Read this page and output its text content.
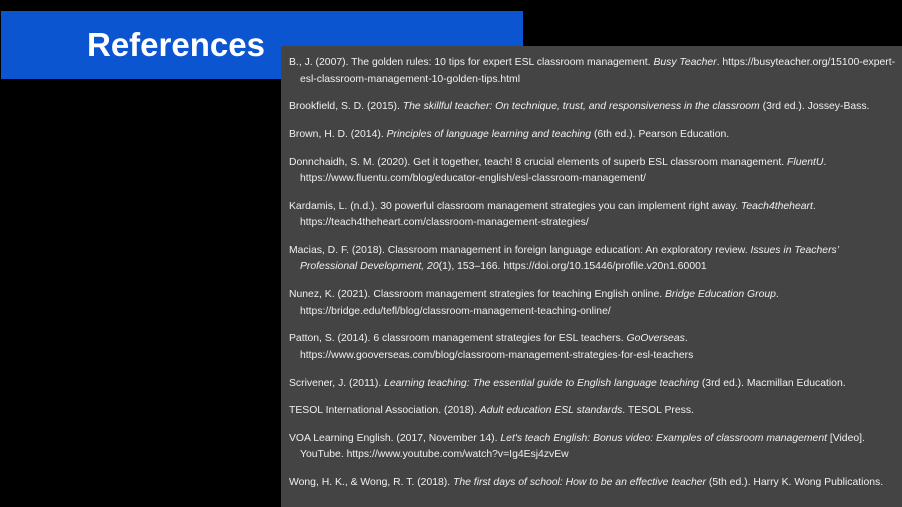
References B., J. (2007). The golden rules: 10 tips for expert ESL classroom management. Busy Teacher. https://busyteacher.org/15100-expert-esl-classroom-management-10-golden-tips.html
Brookfield, S. D. (2015). The skillful teacher: On technique, trust, and responsiveness in the classroom (3rd ed.). Jossey-Bass.
Brown, H. D. (2014). Principles of language learning and teaching (6th ed.). Pearson Education.
Donnchaidh, S. M. (2020). Get it together, teach! 8 crucial elements of superb ESL classroom management. FluentU. https://www.fluentu.com/blog/educator-english/esl-classroom-management/
Kardamis, L. (n.d.). 30 powerful classroom management strategies you can implement right away. Teach4theheart. https://teach4theheart.com/classroom-management-strategies/
Macias, D. F. (2018). Classroom management in foreign language education: An exploratory review. Issues in Teachers’ Professional Development, 20(1), 153–166. https://doi.org/10.15446/profile.v20n1.60001
Nunez, K. (2021). Classroom management strategies for teaching English online. Bridge Education Group. https://bridge.edu/tefl/blog/classroom-management-teaching-online/
Patton, S. (2014). 6 classroom management strategies for ESL teachers. GoOverseas. https://www.gooverseas.com/blog/classroom-management-strategies-for-esl-teachers
Scrivener, J. (2011). Learning teaching: The essential guide to English language teaching (3rd ed.). Macmillan Education.
TESOL International Association. (2018). Adult education ESL standards. TESOL Press.
VOA Learning English. (2017, November 14). Let's teach English: Bonus video: Examples of classroom management [Video]. YouTube. https://www.youtube.com/watch?v=Ig4Esj4zvEw
Wong, H. K., & Wong, R. T. (2018). The first days of school: How to be an effective teacher (5th ed.). Harry K. Wong Publications.
